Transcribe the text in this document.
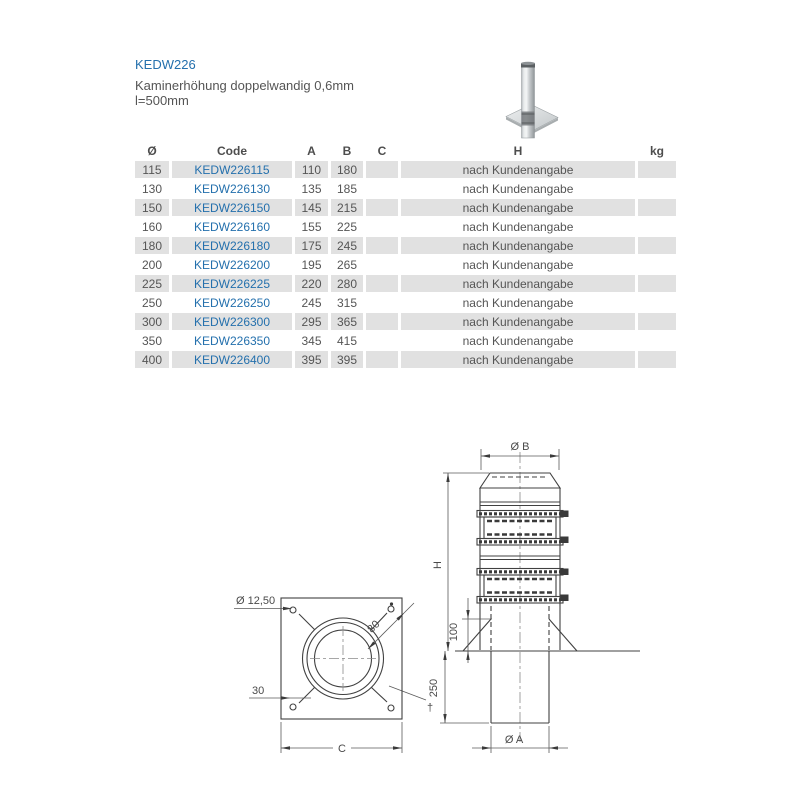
KEDW226
Kaminerhöhung doppelwandig 0,6mm
l=500mm
Ø	Code	A	B	C	H	kg
115	KEDW226115	110	180		nach Kundenangabe	
130	KEDW226130	135	185		nach Kundenangabe	
150	KEDW226150	145	215		nach Kundenangabe	
160	KEDW226160	155	225		nach Kundenangabe	
180	KEDW226180	175	245		nach Kundenangabe	
200	KEDW226200	195	265		nach Kundenangabe	
225	KEDW226225	220	280		nach Kundenangabe	
250	KEDW226250	245	315		nach Kundenangabe	
300	KEDW226300	295	365		nach Kundenangabe	
350	KEDW226350	345	415		nach Kundenangabe	
400	KEDW226400	395	395		nach Kundenangabe	
Ø B
H
100
250
Ø A
†
Ø 12,50
30
80
C
